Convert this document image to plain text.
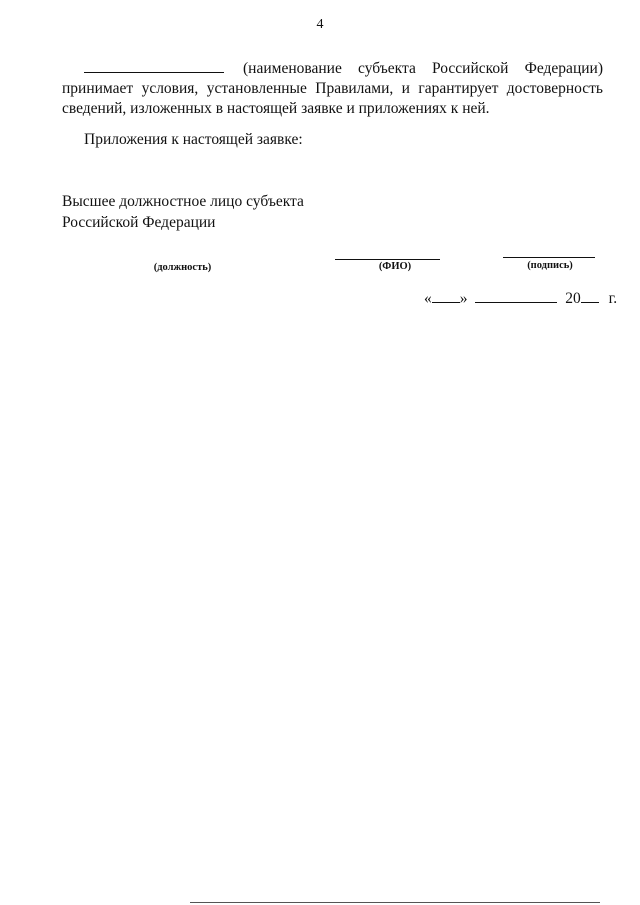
4
(наименование субъекта Российской Федерации)
принимает условия, установленные Правилами, и гарантирует достоверность
сведений, изложенных в настоящей заявке и приложениях к ней.
Приложения к настоящей заявке:
Высшее должностное лицо субъекта
Российской Федерации
(должность)	(ФИО)	(подпись)
« »	20 г.
